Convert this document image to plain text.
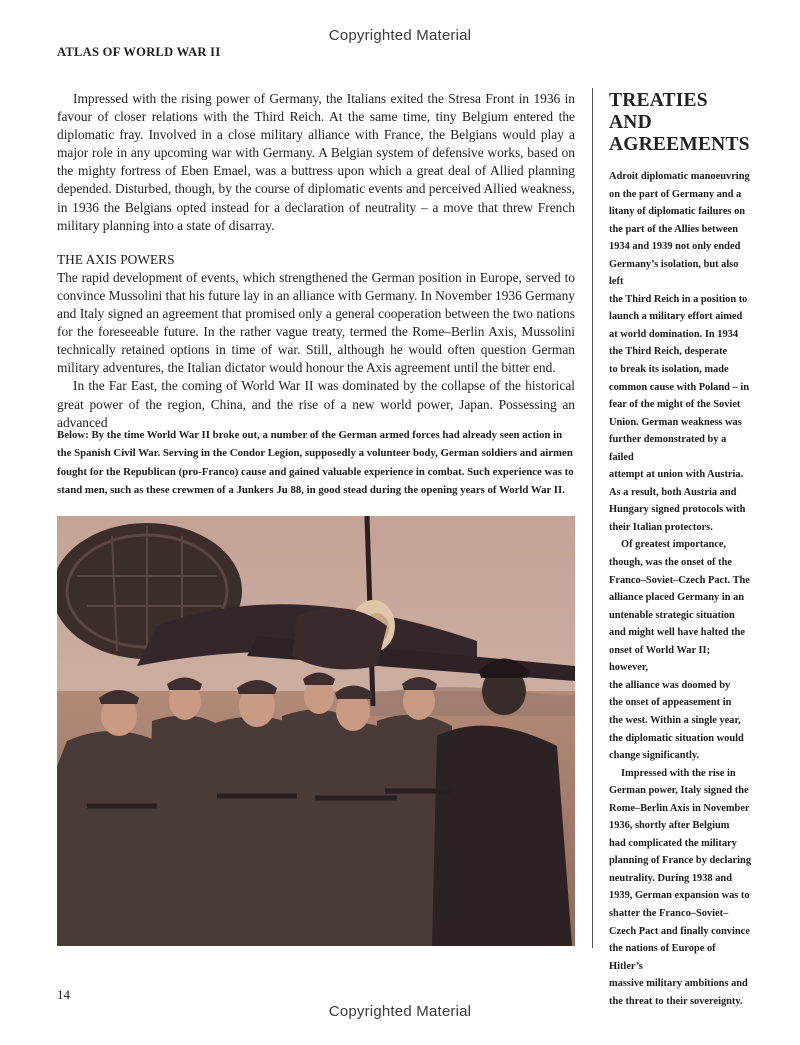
Copyrighted Material
ATLAS OF WORLD WAR II

Impressed with the rising power of Germany, the Italians exited the Stresa Front in 1936 in favour of closer relations with the Third Reich. At the same time, tiny Belgium entered the diplomatic fray. Involved in a close military alliance with France, the Belgians would play a major role in any upcoming war with Germany. A Belgian system of defensive works, based on the mighty fortress of Eben Emael, was a buttress upon which a great deal of Allied planning depended. Disturbed, though, by the course of diplomatic events and perceived Allied weakness, in 1936 the Belgians opted instead for a declaration of neutrality – a move that threw French military planning into a state of disarray.

THE AXIS POWERS

The rapid development of events, which strengthened the German position in Europe, served to convince Mussolini that his future lay in an alliance with Germany. In November 1936 Germany and Italy signed an agreement that promised only a general cooperation between the two nations for the foreseeable future. In the rather vague treaty, termed the Rome–Berlin Axis, Mussolini technically retained options in time of war. Still, although he would often question German military adventures, the Italian dictator would honour the Axis agreement until the bitter end.

In the Far East, the coming of World War II was dominated by the collapse of the historical great power of the region, China, and the rise of a new world power, Japan. Possessing an advanced

Below: By the time World War II broke out, a number of the German armed forces had already seen action in the Spanish Civil War. Serving in the Condor Legion, supposedly a volunteer body, German soldiers and airmen fought for the Republican (pro-Franco) cause and gained valuable experience in combat. Such experience was to stand men, such as these crewmen of a Junkers Ju 88, in good stead during the opening years of World War II.
TREATIES AND AGREEMENTS

Adroit diplomatic manoeuvring
on the part of Germany and a
litany of diplomatic failures on
the part of the Allies between
1934 and 1939 not only ended
Germany’s isolation, but also left
the Third Reich in a position to
launch a military effort aimed
at world domination. In 1934
the Third Reich, desperate
to break its isolation, made
common cause with Poland – in
fear of the might of the Soviet
Union. German weakness was
further demonstrated by a failed
attempt at union with Austria.
As a result, both Austria and
Hungary signed protocols with
their Italian protectors.

Of greatest importance,
though, was the onset of the
Franco–Soviet–Czech Pact. The
alliance placed Germany in an
untenable strategic situation
and might well have halted the
onset of World War II; however,
the alliance was doomed by
the onset of appeasement in
the west. Within a single year,
the diplomatic situation would
change significantly.

Impressed with the rise in
German power, Italy signed the
Rome–Berlin Axis in November
1936, shortly after Belgium
had complicated the military
planning of France by declaring
neutrality. During 1938 and
1939, German expansion was to
shatter the Franco–Soviet–
Czech Pact and finally convince
the nations of Europe of Hitler’s
massive military ambitions and
the threat to their sovereignty.

14
Copyrighted Material
